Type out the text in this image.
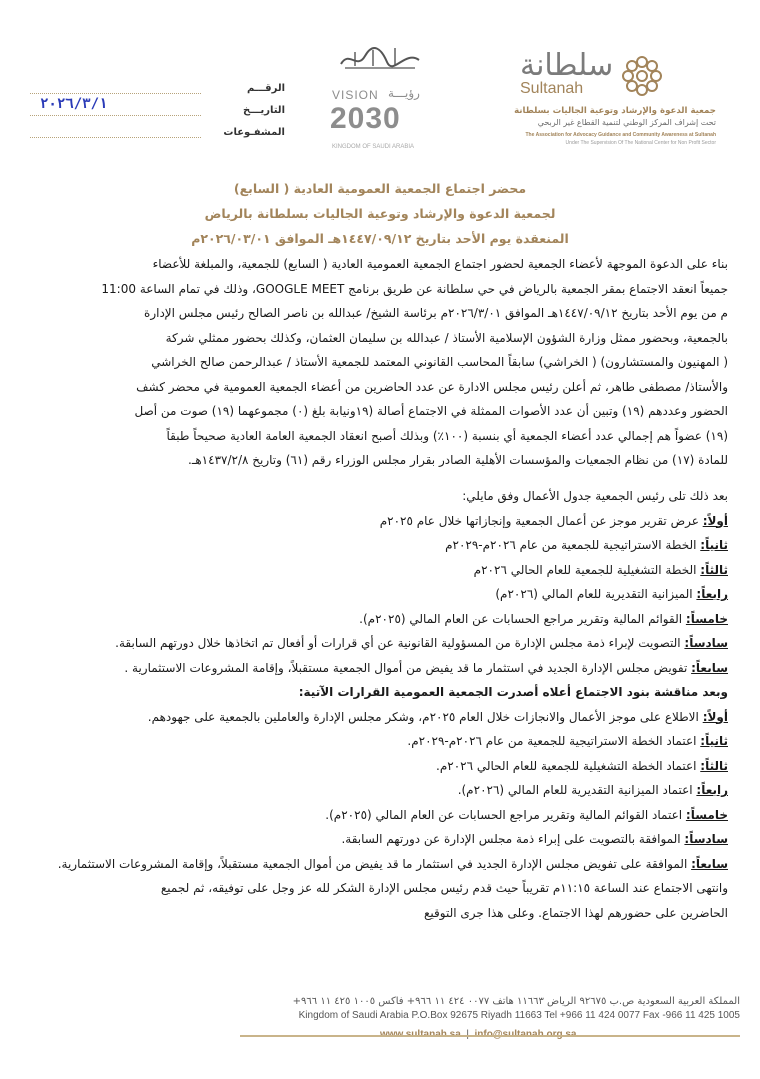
الرقـــم
التاريـــخ
٢٠٢٦/٣/١
المشفـوعات
VISION رؤيـــة
2030
KINGDOM OF SAUDI ARABIA
سلطانة
Sultanah
جمعية الدعوة والإرشاد وتوعية الجاليات بسلطانة
تحت إشراف المركز الوطني لتنمية القطاع غير الربحي
The Association for Advocacy Guidance and Community Awareness at Sultanah
Under The Supervision Of The National Center for Non Profit Sector
محضر اجتماع الجمعية العمومية العادية ( السابع)
لجمعية الدعوة والإرشاد وتوعية الجاليات بسلطانة بالرياض
المنعقدة يوم الأحد بتاريخ ١٤٤٧/٠٩/١٢هـ الموافق ٢٠٢٦/٠٣/٠١م
بناء على الدعوة الموجهة لأعضاء الجمعية لحضور اجتماع الجمعية العمومية العادية ( السابع) للجمعية، والمبلغة للأعضاء
جميعاً انعقد الاجتماع بمقر الجمعية بالرياض في حي سلطانة عن طريق برنامج GOOGLE MEET، وذلك في تمام الساعة 11:00
م من يوم الأحد بتاريخ ١٤٤٧/٠٩/١٢هـ الموافق ٢٠٢٦/٣/٠١م برئاسة الشيخ/ عبدالله بن ناصر الصالح رئيس مجلس الإدارة
بالجمعية، وبحضور ممثل وزارة الشؤون الإسلامية الأستاذ / عبدالله بن سليمان العثمان، وكذلك بحضور ممثلي شركة
( المهنيون والمستشارون) ( الخراشي) سابقاً المحاسب القانوني المعتمد للجمعية الأستاذ / عبدالرحمن صالح الخراشي
والأستاذ/ مصطفى طاهر، ثم أعلن رئيس مجلس الادارة عن عدد الحاضرين من أعضاء الجمعية العمومية في محضر كشف
الحضور وعددهم (١٩) وتبين أن عدد الأصوات الممثلة في الاجتماع أصالة (١٩ونيابة بلغ (٠) مجموعهما (١٩) صوت من أصل
(١٩) عضواً هم إجمالي عدد أعضاء الجمعية أي بنسبة (١٠٠٪) وبذلك أصبح انعقاد الجمعية العامة العادية صحيحاً طبقاً
للمادة (١٧) من نظام الجمعيات والمؤسسات الأهلية الصادر بقرار مجلس الوزراء رقم (٦١) وتاريخ ١٤٣٧/٢/٨هـ.
بعد ذلك تلى رئيس الجمعية جدول الأعمال وفق مايلي:
أولاً: عرض تقرير موجز عن أعمال الجمعية وإنجازاتها خلال عام ٢٠٢٥م
ثانياً: الخطة الاستراتيجية للجمعية من عام ٢٠٢٦م-٢٠٢٩م
ثالثاً: الخطة التشغيلية للجمعية للعام الحالي ٢٠٢٦م
رابعاً: الميزانية التقديرية للعام المالي (٢٠٢٦م)
خامساً: القوائم المالية وتقرير مراجع الحسابات عن العام المالي (٢٠٢٥م).
سادساً: التصويت لإبراء ذمة مجلس الإدارة من المسؤولية القانونية عن أي قرارات أو أفعال تم اتخاذها خلال دورتهم السابقة.
سابعاً: تفويض مجلس الإدارة الجديد في استثمار ما قد يفيض من أموال الجمعية مستقبلاً، وإقامة المشروعات الاستثمارية .
وبعد مناقشة بنود الاجتماع أعلاه أصدرت الجمعية العمومية القرارات الآتية:
أولاً: الاطلاع على موجز الأعمال والانجازات خلال العام ٢٠٢٥م، وشكر مجلس الإدارة والعاملين بالجمعية على جهودهم.
ثانياً: اعتماد الخطة الاستراتيجية للجمعية من عام ٢٠٢٦م-٢٠٢٩م.
ثالثاً: اعتماد الخطة التشغيلية للجمعية للعام الحالي ٢٠٢٦م.
رابعاً: اعتماد الميزانية التقديرية للعام المالي (٢٠٢٦م).
خامساً: اعتماد القوائم المالية وتقرير مراجع الحسابات عن العام المالي (٢٠٢٥م).
سادساً: الموافقة بالتصويت على إبراء ذمة مجلس الإدارة عن دورتهم السابقة.
سابعاً: الموافقة على تفويض مجلس الإدارة الجديد في استثمار ما قد يفيض من أموال الجمعية مستقبلاً، وإقامة المشروعات الاستثمارية.
وانتهى الاجتماع عند الساعة ١١:١٥م تقريباً حيث قدم رئيس مجلس الإدارة الشكر لله عز وجل على توفيقه، ثم لجميع
الحاضرين على حضورهم لهذا الاجتماع. وعلى هذا جرى التوقيع
المملكة العربية السعودية ص.ب ٩٢٦٧٥ الرياض ١١٦٦٣ هاتف ٠٠٧٧ ٤٢٤ ١١ ٩٦٦+ فاكس ١٠٠٥ ٤٢٥ ١١ ٩٦٦+
Kingdom of Saudi Arabia P.O.Box 92675 Riyadh 11663 Tel +966 11 424 0077 Fax -966 11 425 1005
